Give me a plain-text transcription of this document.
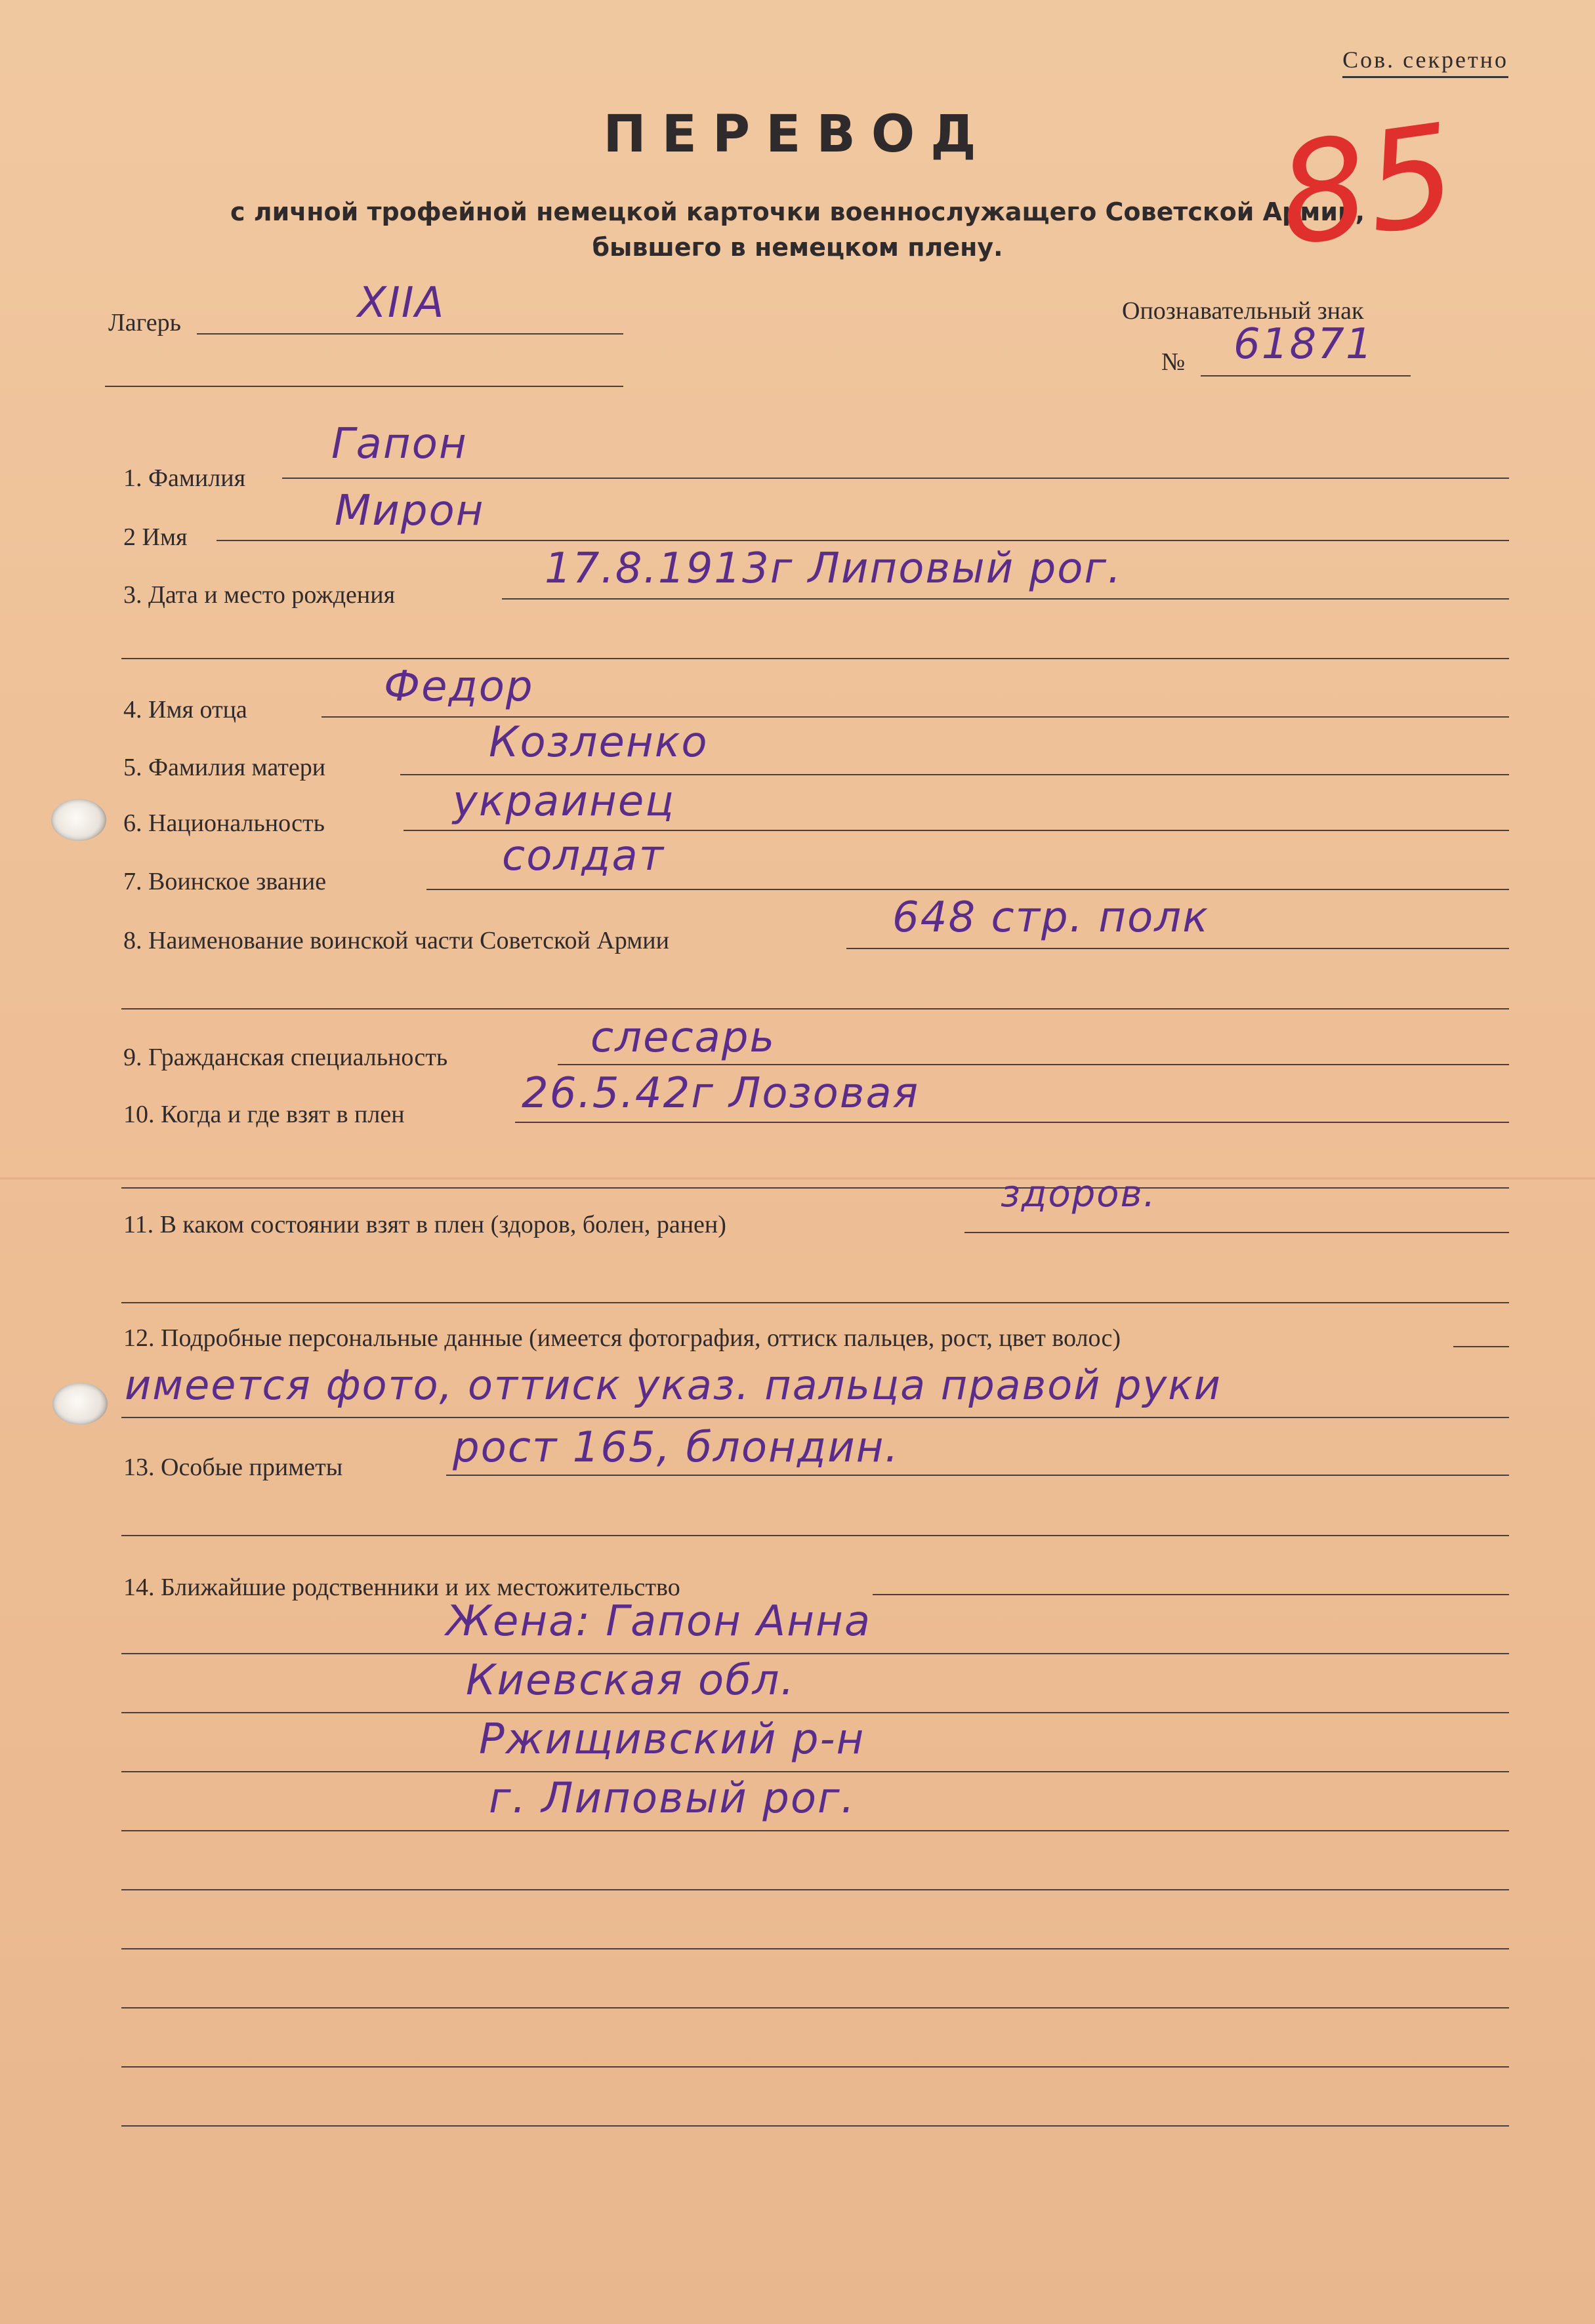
Сов. секретно
ПЕРЕВОД
с личной трофейной немецкой карточки военнослужащего Советской Армии,
бывшего в немецком плену.	85
Лагерь	XIIA	Опознавательный знак
№ 61871
1. Фамилия
Гапон
2 Имя
Мирон
3. Дата и место рождения
17.8.1913г Липовый рог.
4. Имя отца	Федор
5. Фамилия матери
Козленко
6. Национальность	украинец
7. Воинское звание
солдат
8. Наименование воинской части Советской Армии	648 стр. полк
9. Гражданская специальность	слесарь
10. Когда и где взят в плен	26.5.42г Лозовая
11. В каком состоянии взят в плен (здоров, болен, ранен)
здоров.
12. Подробные персональные данные (имеется фотография, оттиск пальцев, рост, цвет волос)
имеется фото, оттиск указ. пальца правой руки
13. Особые приметы	рост 165, блондин.
14. Ближайшие родственники и их местожительство
Жена: Гапон Анна
Киевская обл.
Ржищивский р-н
г. Липовый рог.
